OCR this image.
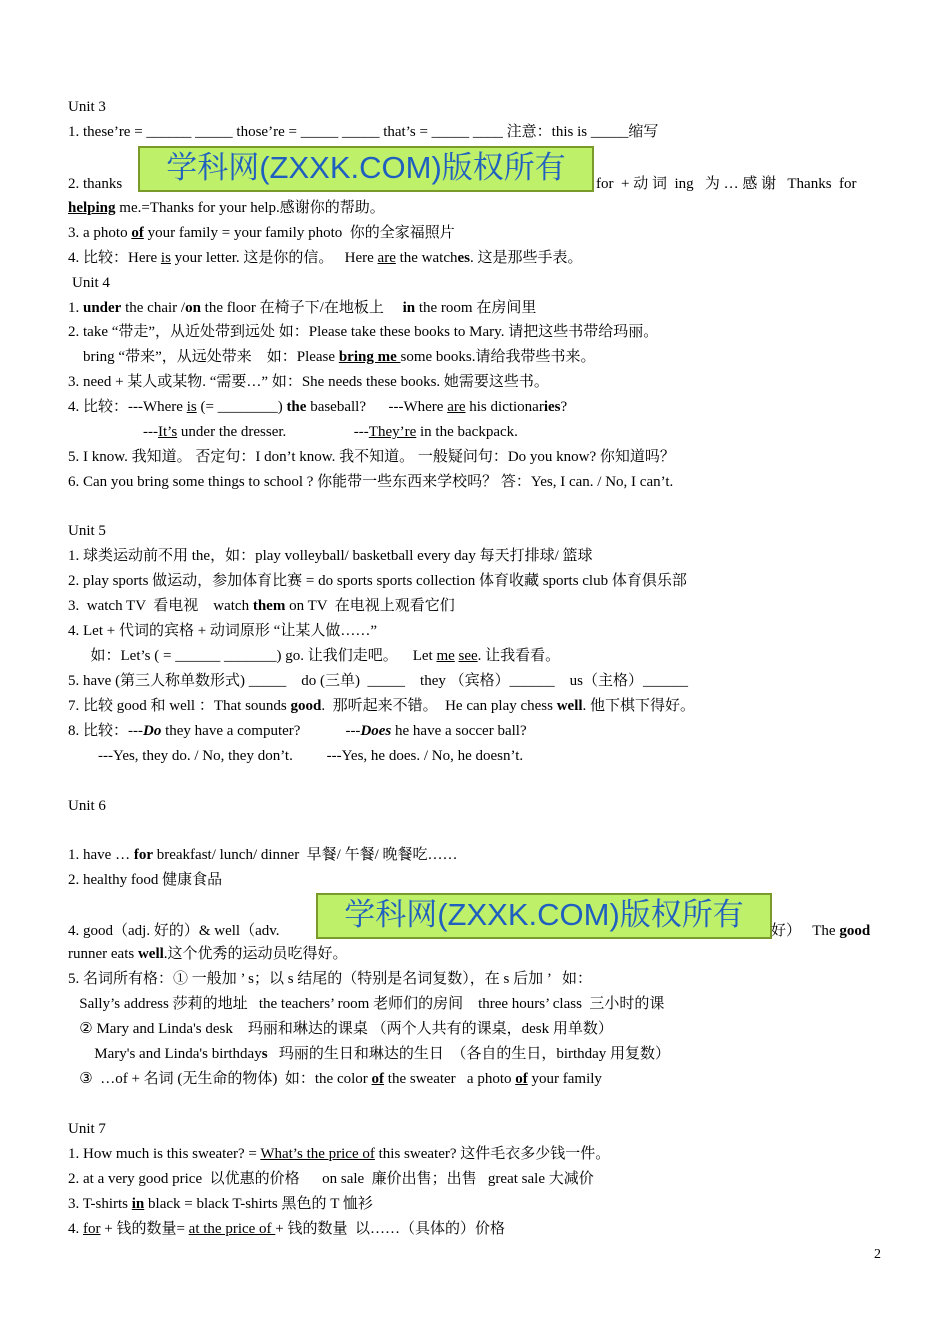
Unit 3
1. these’re = ______ _____ those’re = _____ _____ that’s = _____ ____ 注意：this is _____缩写
2. thanks	for  + 动 词  ing   为 … 感 谢   Thanks  for
学科网(ZXXK.COM)版权所有
helping me.=Thanks for your help.感谢你的帮助。
3. a photo of your family = your family photo  你的全家福照片
4. 比较：Here is your letter. 这是你的信。   Here are the watches. 这是那些手表。
Unit 4
1. under the chair /on the floor 在椅子下/在地板上     in the room 在房间里
2. take “带走”，从近处带到远处 如：Please take these books to Mary. 请把这些书带给玛丽。
bring “带来”，从远处带来    如：Please bring me some books.请给我带些书来。
3. need + 某人或某物. “需要…” 如：She needs these books. 她需要这些书。
4. 比较：---Where is (= ________) the baseball?      ---Where are his dictionaries?
---It’s under the dresser.                  ---They’re in the backpack.
5. I know. 我知道。 否定句：I don’t know. 我不知道。 一般疑问句：Do you know? 你知道吗？
6. Can you bring some things to school ? 你能带一些东西来学校吗？ 答：Yes, I can. / No, I can’t.
Unit 5
1. 球类运动前不用 the，如：play volleyball/ basketball every day 每天打排球/ 篮球
2. play sports 做运动，参加体育比赛 = do sports sports collection 体育收藏 sports club 体育俱乐部
3.  watch TV  看电视    watch them on TV  在电视上观看它们
4. Let + 代词的宾格 + 动词原形 “让某人做……”
如：Let’s ( = ______ _______) go. 让我们走吧。    Let me see. 让我看看。
5. have (第三人称单数形式) _____    do (三单)  _____    they （宾格）______    us（主格）______
7. 比较 good 和 well ：That sounds good.  那听起来不错。  He can play chess well. 他下棋下得好。
8. 比较：---Do they have a computer?            ---Does he have a soccer ball?
---Yes, they do. / No, they don’t.         ---Yes, he does. / No, he doesn’t.
Unit 6
1. have … for breakfast/ lunch/ dinner  早餐/ 午餐/ 晚餐吃……
2. healthy food 健康食品
4. good（adj. 好的）& well（adv.	学科网(ZXXK.COM)版权所有	好）   The good
runner eats well.这个优秀的运动员吃得好。
5. 名词所有格：① 一般加 ’ s；以 s 结尾的（特别是名词复数），在 s 后加 ’   如：
Sally’s address 莎莉的地址   the teachers’ room 老师们的房间    three hours’ class  三小时的课
② Mary and Linda's desk    玛丽和琳达的课桌 （两个人共有的课桌，desk 用单数）
Mary's and Linda's birthdays   玛丽的生日和琳达的生日  （各自的生日，birthday 用复数）
③  …of + 名词 (无生命的物体)  如：the color of the sweater   a photo of your family
Unit 7
1. How much is this sweater? = What’s the price of this sweater? 这件毛衣多少钱一件。
2. at a very good price  以优惠的价格      on sale  廉价出售；出售   great sale 大减价
3. T-shirts in black = black T-shirts 黑色的 T 恤衫
4. for + 钱的数量= at the price of + 钱的数量  以……（具体的）价格
2
